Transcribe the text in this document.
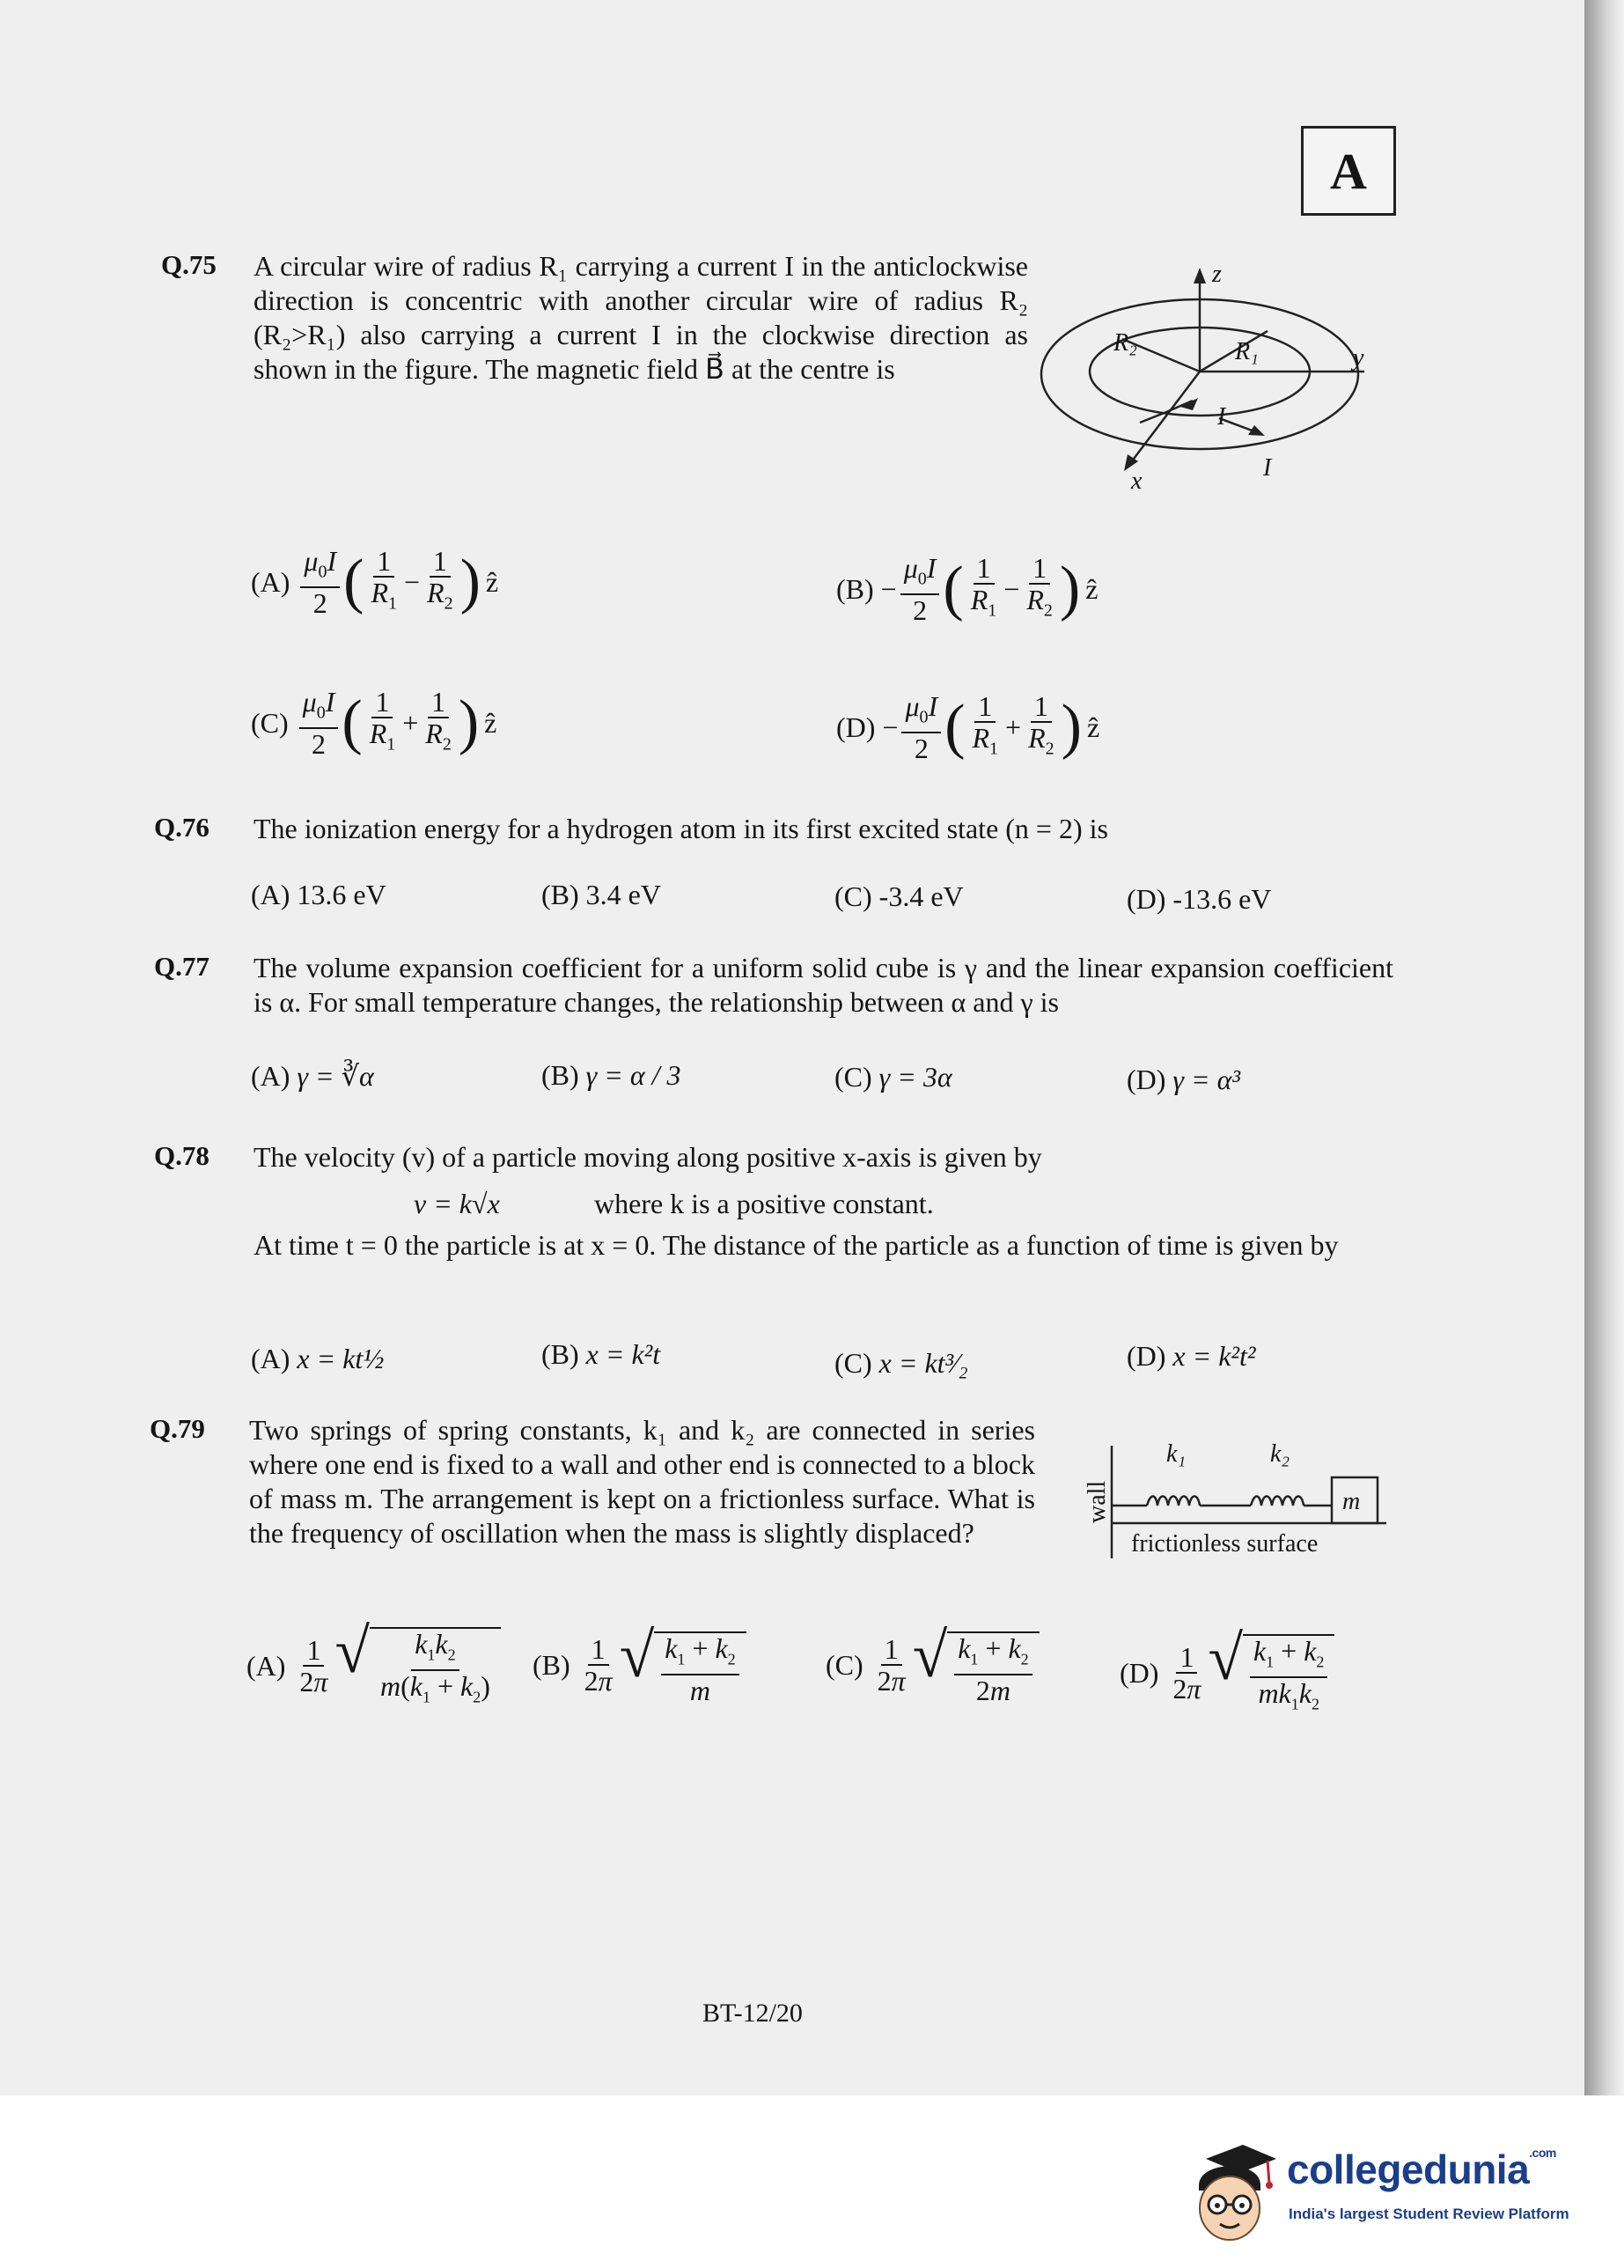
A
Q.75 A circular wire of radius R₁ carrying a current I in the anticlockwise direction is concentric with another circular wire of radius R₂ (R₂>R₁) also carrying a current I in the clockwise direction as shown in the figure. The magnetic field B⃗ at the centre is
z
y
x
R₂	R₁
I
I
$(A) \frac{\mu_0I}{2}$ ( $\frac{1}{R_1} - \frac{1}{R_2}$ ) ẑ	$(B) - \frac{\mu_0I}{2}$ ( $\frac{1}{R_1} - \frac{1}{R_2}$ ) ẑ
$(C) \frac{\mu_0I}{2}$ ( $\frac{1}{R_1} + \frac{1}{R_2}$ ) ẑ	$(D) - \frac{\mu_0I}{2}$ ( $\frac{1}{R_1} + \frac{1}{R_2}$ ) ẑ
Q.76 The ionization energy for a hydrogen atom in its first excited state (n = 2) is
(A) 13.6 eV	(B) 3.4 eV	(C) -3.4 eV	(D) -13.6 eV
Q.77 The volume expansion coefficient for a uniform solid cube is γ and the linear expansion coefficient is α. For small temperature changes, the relationship between α and γ is
(A) γ = ∛α	(B) γ = α / 3	(C) γ = 3α	(D) γ = α³
Q.78 The velocity (v) of a particle moving along positive x-axis is given by
v = k√x	where k is a positive constant.
At time t = 0 the particle is at x = 0. The distance of the particle as a function of time is given by
(A) x = kt½	(B) x = k²t	(C) x = kt³⁄₂	(D) x = k²t²
Q.79 Two springs of spring constants, k₁ and k₂ are connected in series where one end is fixed to a wall and other end is connected to a block of mass m. The arrangement is kept on a frictionless surface. What is the frequency of oscillation when the mass is slightly displaced?
k₁	k₂
m
wall
frictionless surface
$(A) \frac{1}{2\pi}$ √ $\frac{k_1k_2}{m(k_1 + k_2)} (B) \frac{1}{2\pi}$ √ $\frac{k_1 + k_2}{m}$	$(C) \frac{1}{2\pi}$ √ $\frac{k_1 + k_2}{2m}$	$(D) \frac{1}{2\pi}$ √ $\frac{k_1 + k_2}{mk_1k_2}$
BT-12/20
collegedunia$^{.com}$
India's largest Student Review Platform
